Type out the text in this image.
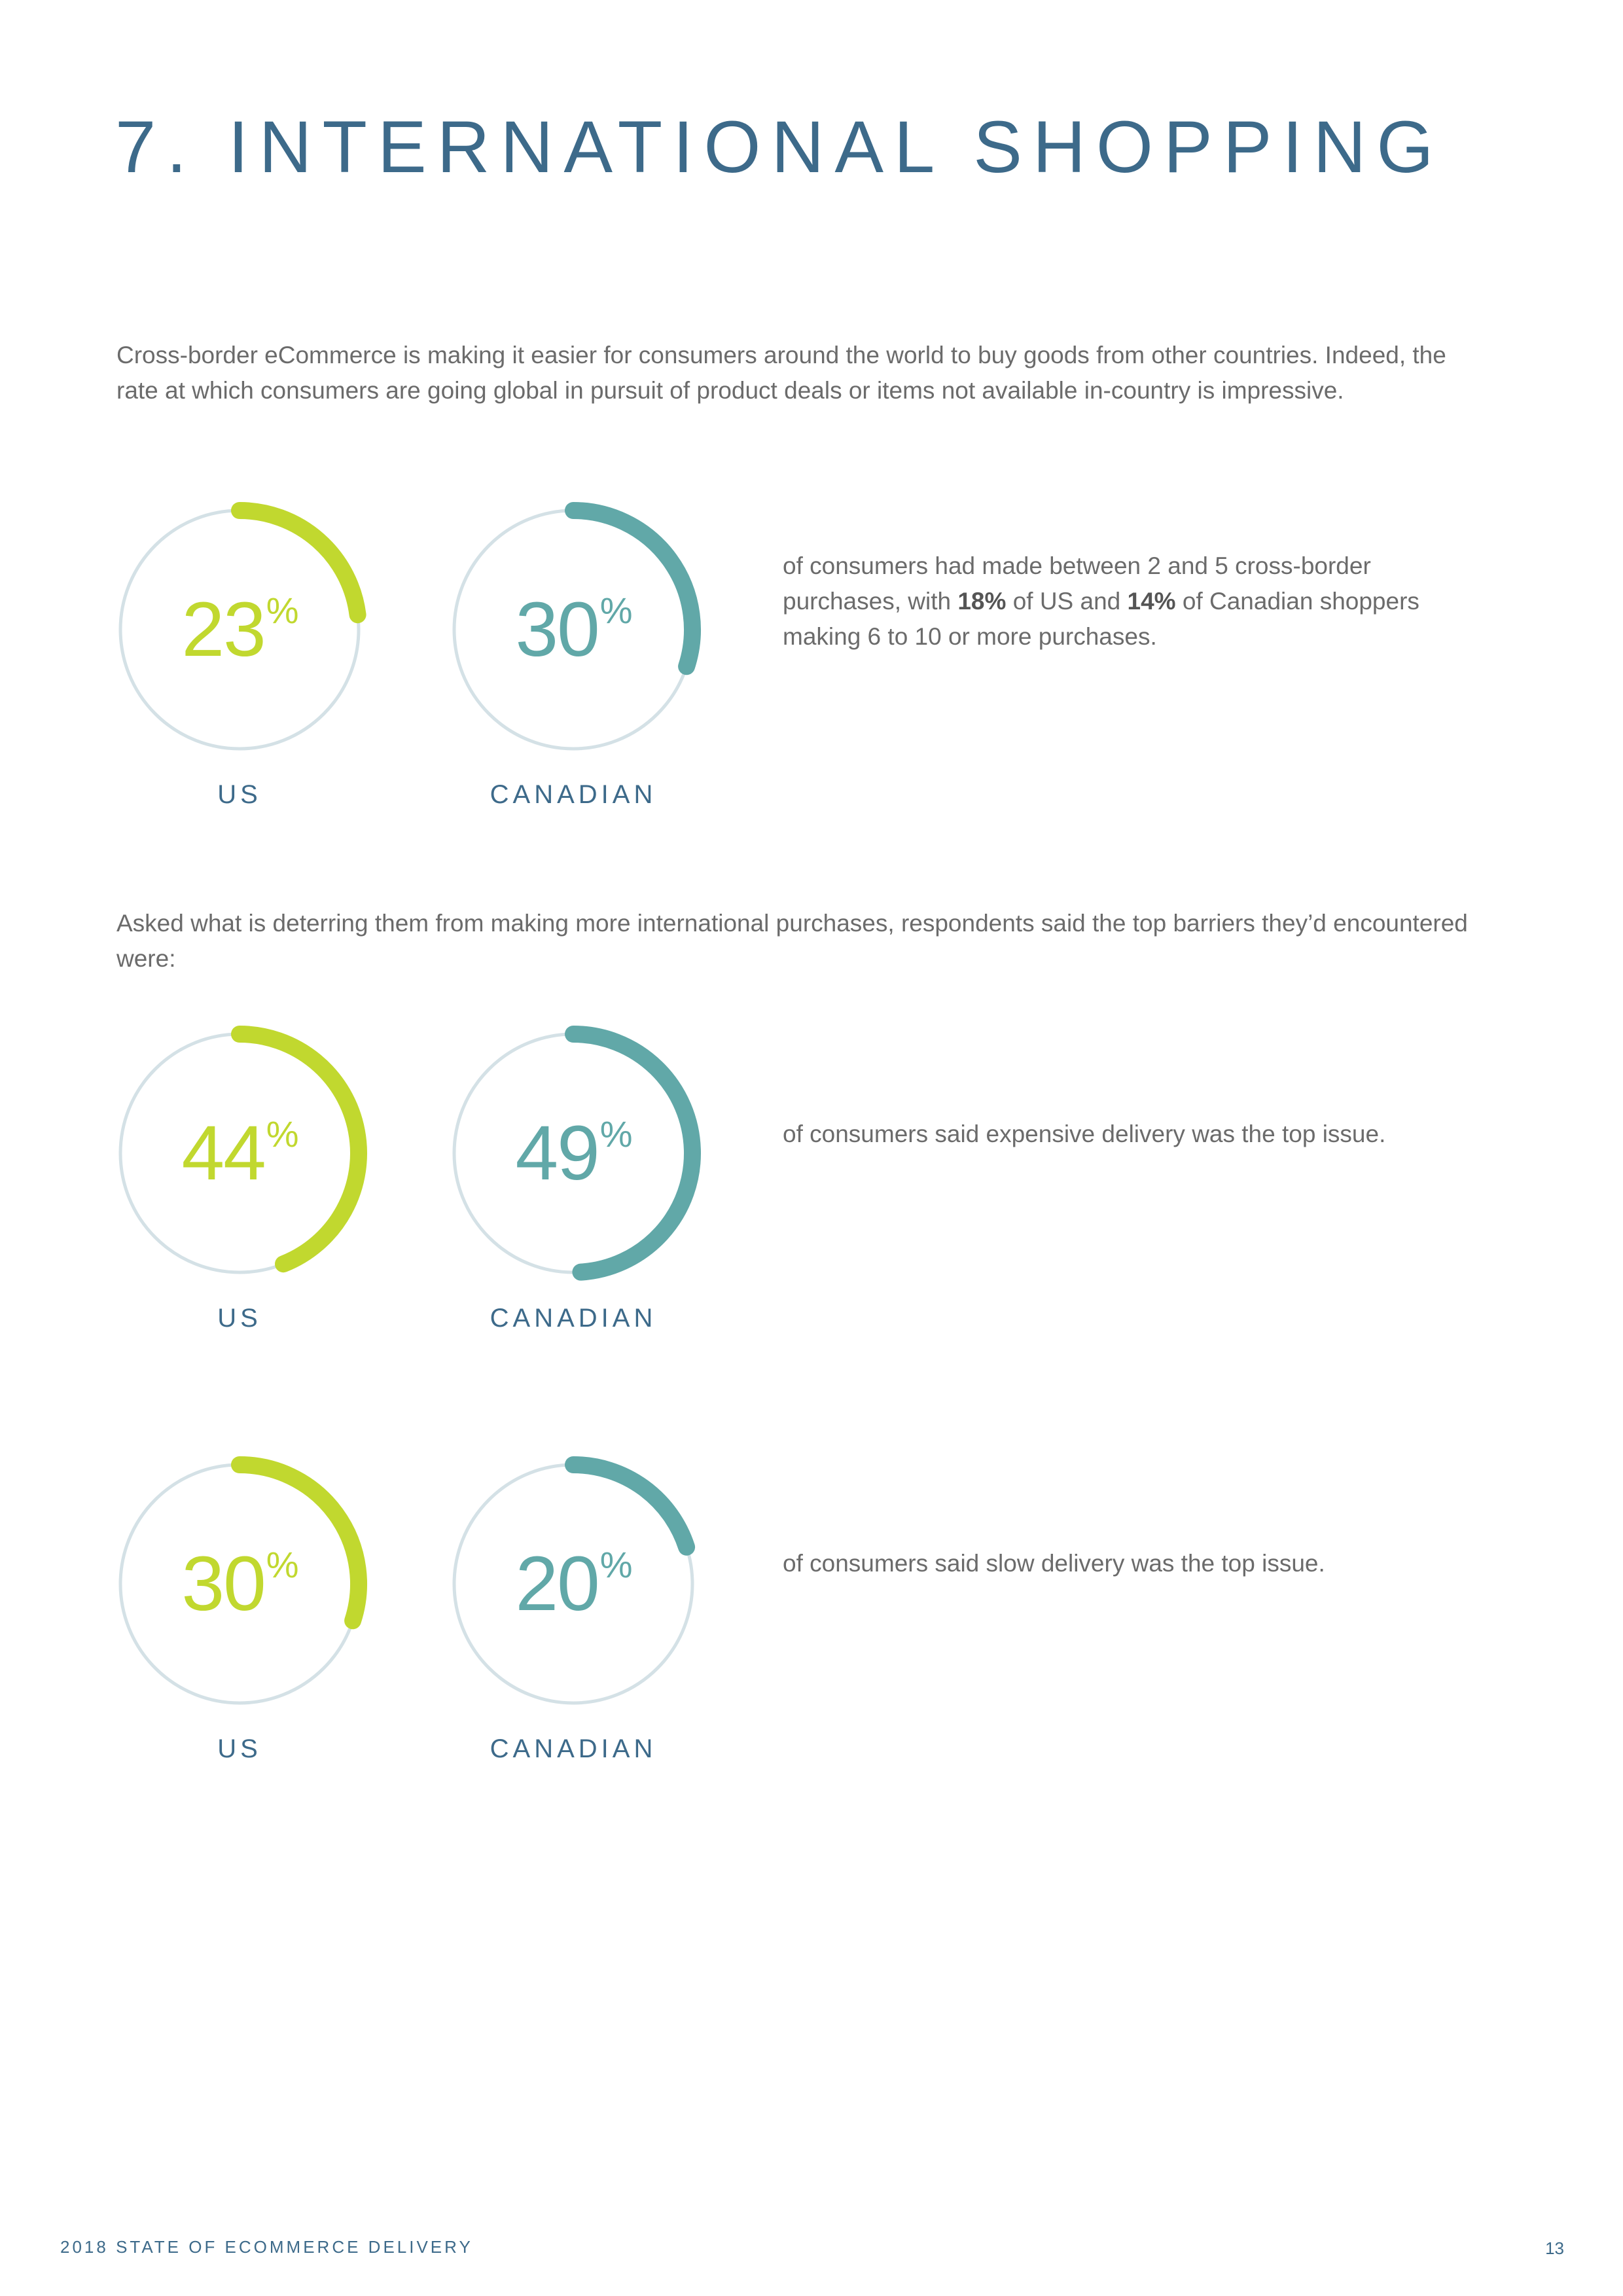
7. INTERNATIONAL SHOPPING

Cross-border eCommerce is making it easier for consumers around the world to buy goods from other countries. Indeed, the rate at which consumers are going global in pursuit of product deals or items not available in-country is impressive.

23 %
US
30 %
CANADIAN

of consumers had made between 2 and 5 cross-border purchases, with 18% of US and 14% of Canadian shoppers making 6 to 10 or more purchases.

Asked what is deterring them from making more international purchases, respondents said the top barriers they’d encountered were:

44 %
US
49 %
CANADIAN

of consumers said expensive delivery was the top issue.

30 %
US
20 %
CANADIAN

of consumers said slow delivery was the top issue.

2018 STATE OF ECOMMERCE DELIVERY	13
